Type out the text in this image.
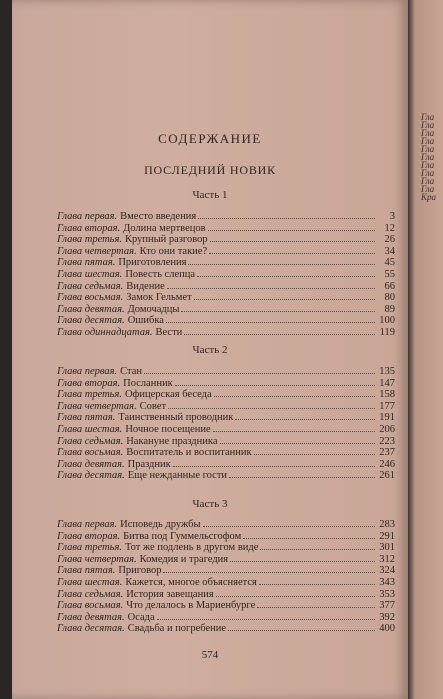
СОДЕРЖАНИЕ
ПОСЛЕДНИЙ НОВИК
Часть 1
Глава первая. Вместо введения	3
Глава вторая. Долина мертвецов	12
Глава третья. Крупный разговор	26
Глава четвертая. Кто они такие?	34
Глава пятая. Приготовления	45
Глава шестая. Повесть слепца	55
Глава седьмая. Видение	66
Глава восьмая. Замок Гельмет	80
Глава девятая. Домочадцы	89
Глава десятая. Ошибка	100
Глава одиннадцатая. Вести	119
Часть 2
Глава первая. Стан	135
Глава вторая. Посланник	147
Глава третья. Офицерская беседа	158
Глава четвертая. Совет	177
Глава пятая. Таинственный проводник	191
Глава шестая. Ночное посещение	206
Глава седьмая. Накануне праздника	223
Глава восьмая. Воспитатель и воспитанник	237
Глава девятая. Праздник	246
Глава десятая. Еще нежданные гости	261
Часть 3
Глава первая. Исповедь дружбы	283
Глава вторая. Битва под Гуммельсгофом	291
Глава третья. Тот же подлень в другом виде	301
Глава четвертая. Комедия и трагедия	312
Глава пятая. Приговор	324
Глава шестая. Кажется, многое объясняется	343
Глава седьмая. История завещания	353
Глава восьмая. Что делалось в Мариенбурге	377
Глава девятая. Осада	392
Глава десятая. Свадьба и погребение	400
574
Гла
Гла
Гла
Гла
Гла
Гла
Гла
Гла
Гла
Гла
Кра
